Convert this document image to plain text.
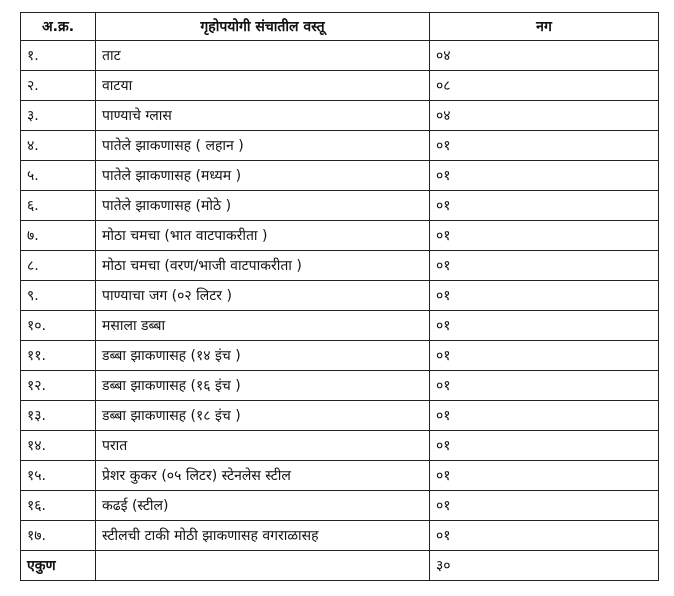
अ.क्र.	गृहोपयोगी संचातील वस्तू	नग
१.	ताट	०४
२.	वाटया	०८
३.	पाण्याचे ग्लास	०४
४.	पातेले झाकणासह ( लहान )	०१
५.	पातेले झाकणासह (मध्यम )	०१
६.	पातेले झाकणासह (मोठे )	०१
७.	मोठा चमचा (भात वाटपाकरीता )	०१
८.	मोठा चमचा (वरण/भाजी वाटपाकरीता )	०१
९.	पाण्याचा जग (०२ लिटर )	०१
१०.	मसाला डब्बा	०१
११.	डब्बा झाकणासह (१४ इंच )	०१
१२.	डब्बा झाकणासह (१६ इंच )	०१
१३.	डब्बा झाकणासह (१८ इंच )	०१
१४.	परात	०१
१५.	प्रेशर कुकर (०५ लिटर) स्टेनलेस स्टील	०१
१६.	कढई (स्टील)	०१
१७.	स्टीलची टाकी मोठी झाकणासह वगराळासह	०१
एकुण		३०
